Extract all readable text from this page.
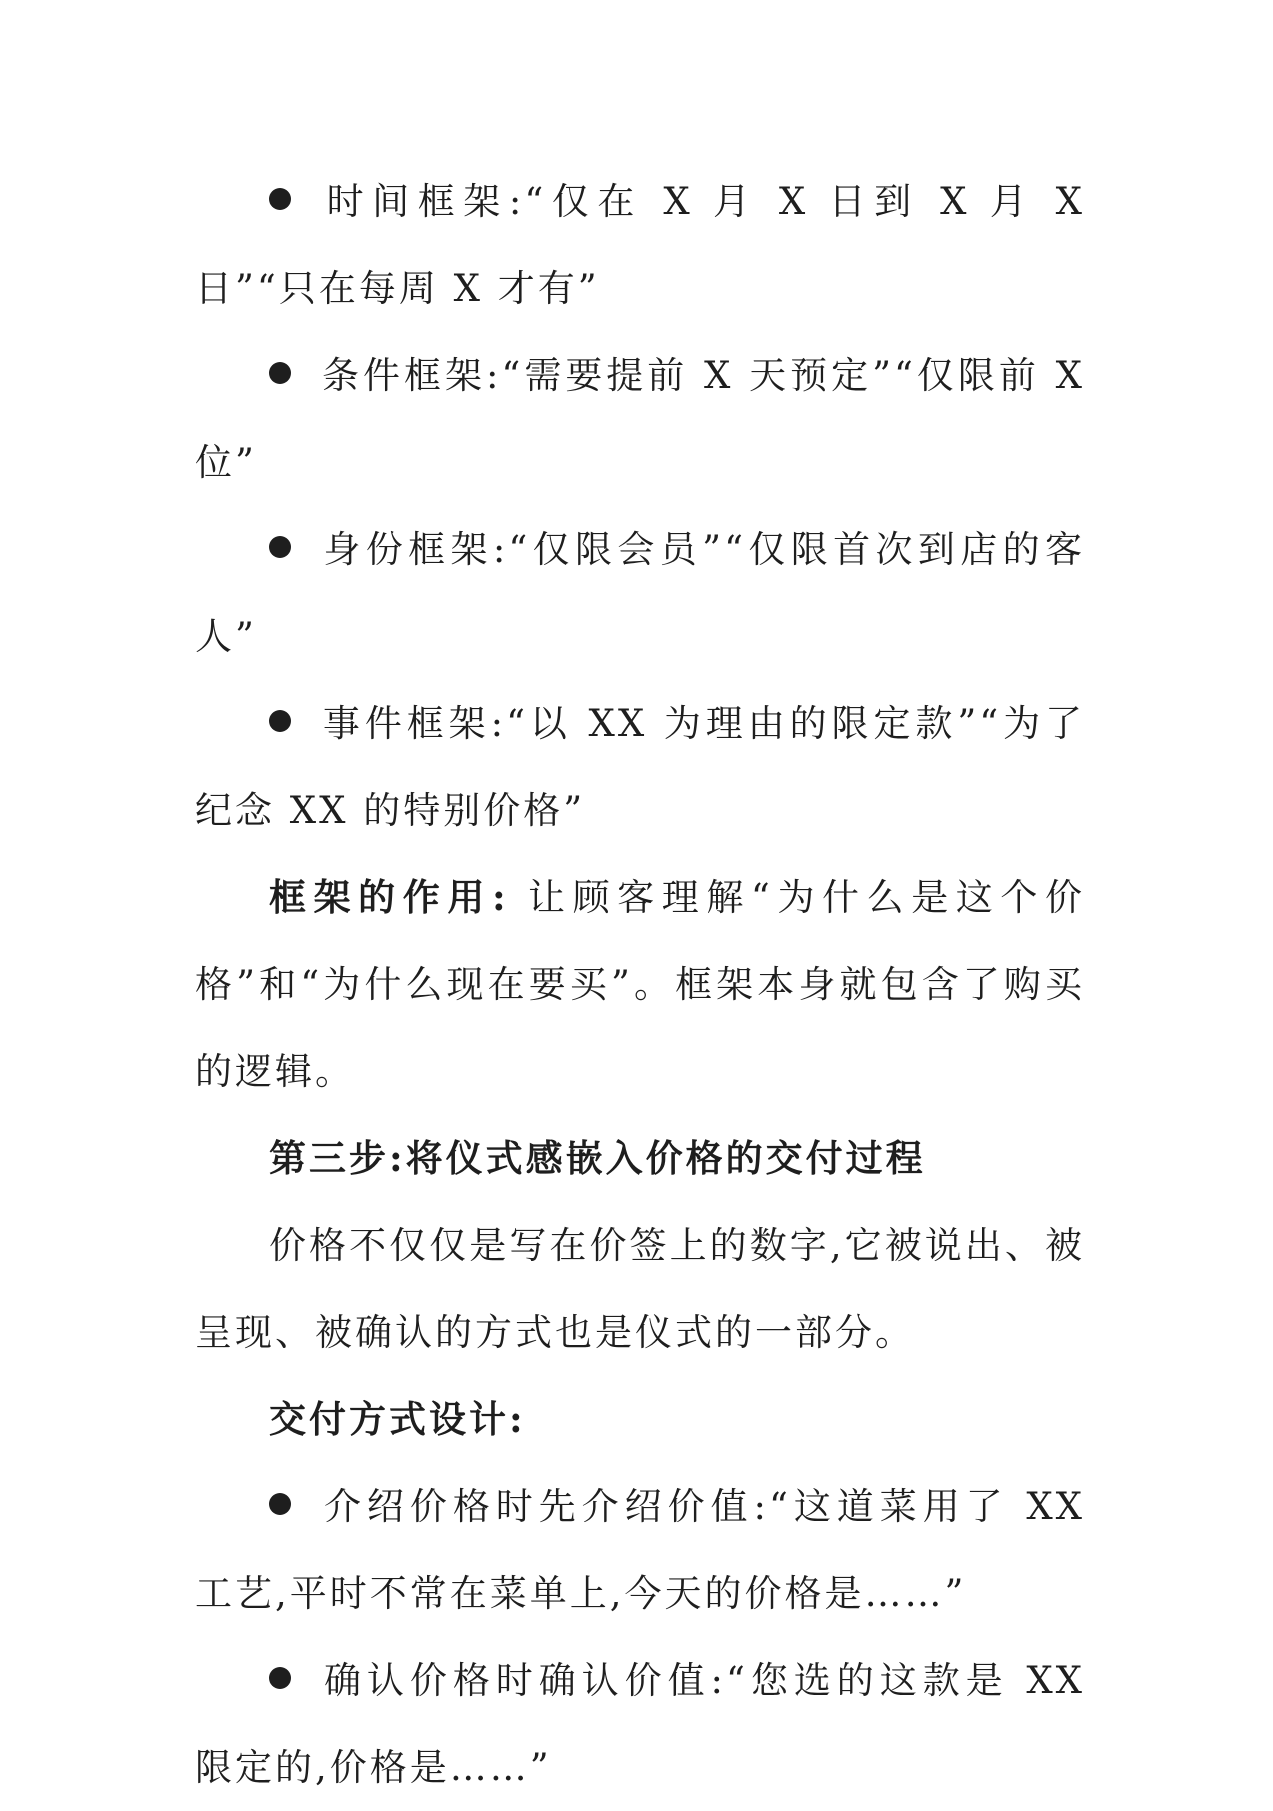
时间框架:“仅在 X 月 X 日到 X 月 X 日”“只在每周 X 才有”

条件框架:“需要提前 X 天预定”“仅限前 X 位”

身份框架:“仅限会员”“仅限首次到店的客人”

事件框架:“以 XX 为理由的限定款”“为了纪念 XX 的特别价格”

框架的作用: 让顾客理解“为什么是这个价格”和“为什么现在要买”。框架本身就包含了购买的逻辑。

第三步:将仪式感嵌入价格的交付过程

价格不仅仅是写在价签上的数字,它被说出、被呈现、被确认的方式也是仪式的一部分。

交付方式设计:

介绍价格时先介绍价值:“这道菜用了 XX 工艺,平时不常在菜单上,今天的价格是……”

确认价格时确认价值:“您选的这款是 XX 限定的,价格是……”
